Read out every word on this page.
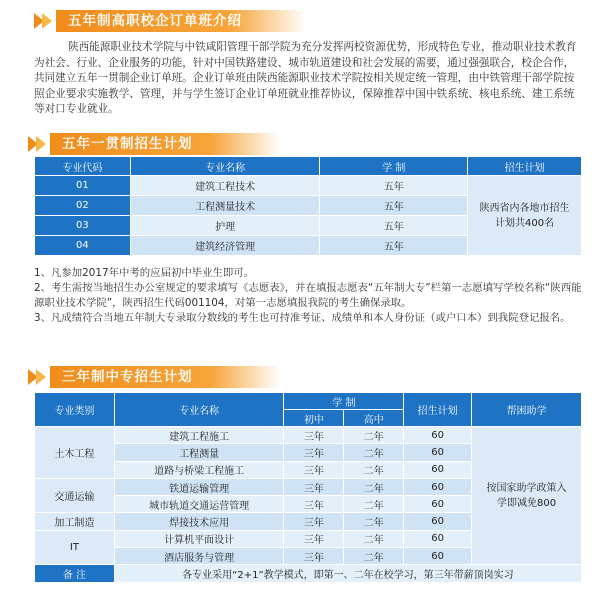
五年制高职校企订单班介绍
陕西能源职业技术学院与中铁咸阳管理干部学院为充分发挥两校资源优势，形成特色专业，推动职业技术教育为社会、行业、企业服务的功能，针对中国铁路建设、城市轨道建设和社会发展的需要，通过强强联合，校企合作，共同建立五年一贯制企业订单班。企业订单班由陕西能源职业技术学院按相关规定统一管理，由中铁管理干部学院按照企业要求实施教学、管理，并与学生签订企业订单班就业推荐协议，保障推荐中国中铁系统、核电系统、建工系统等对口专业就业。
五年一贯制招生计划
专业代码	专业名称	学 制	招生计划
01	建筑工程技术	五年	陕西省内各地市招生计划共400名
02	工程测量技术	五年	
03	护理	五年	
04	建筑经济管理	五年	
1、凡参加2017年中考的应届初中毕业生即可。
2、考生需按当地招生办公室规定的要求填写《志愿表》，并在填报志愿表“五年制大专”栏第一志愿填写学校名称“陕西能源职业技术学院”，陕西招生代码001104，对第一志愿填报我院的考生确保录取。
3、凡成绩符合当地五年制大专录取分数线的考生也可持准考证、成绩单和本人身份证（或户口本）到我院登记报名。
三年制中专招生计划
专业类别	专业名称	学 制		招生计划	帮困助学
		初中	高中		
土木工程	建筑工程施工	三年	二年	60	按国家助学政策入学即减免800
	工程测量	三年	二年	60	
	道路与桥梁工程施工	三年	二年	60	
交通运输	铁道运输管理	三年	二年	60	
	城市轨道交通运营管理	三年	二年	60	
加工制造	焊接技术应用	三年	二年	60	
IT	计算机平面设计	三年	二年	60	
	酒店服务与管理	三年	二年	60	
备 注	各专业采用“2+1”教学模式，即第一、二年在校学习，第三年带薪顶岗实习				
